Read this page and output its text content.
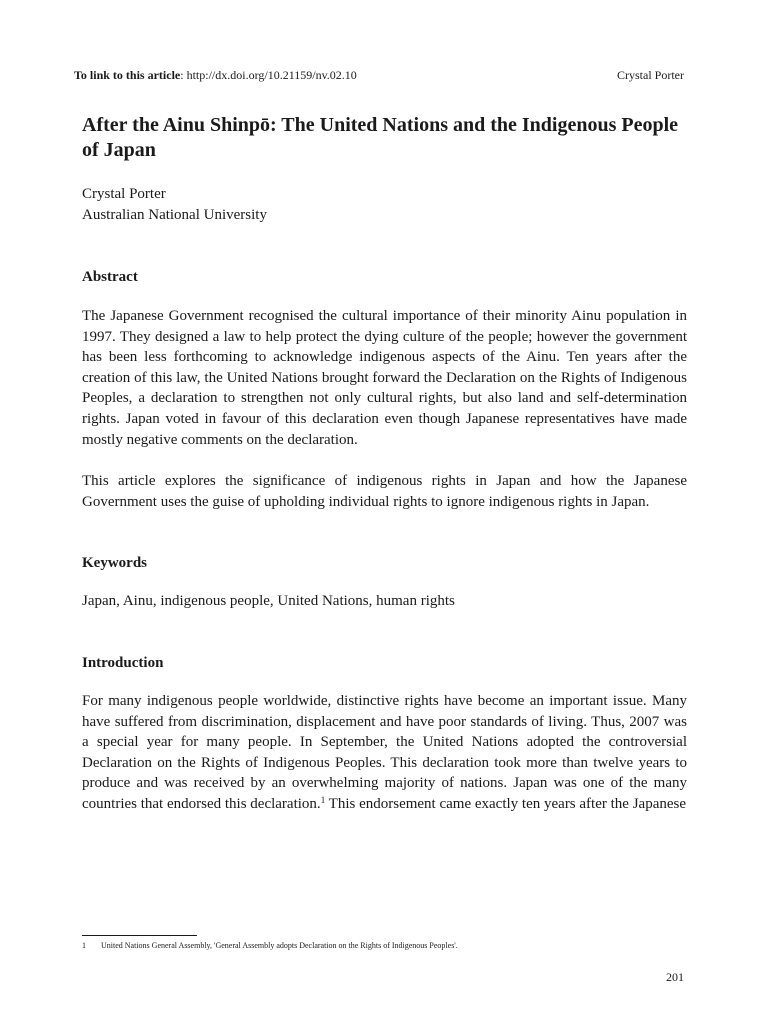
To link to this article: http://dx.doi.org/10.21159/nv.02.10	Crystal Porter
After the Ainu Shinpō: The United Nations and the Indigenous People of Japan
Crystal Porter
Australian National University
Abstract

The Japanese Government recognised the cultural importance of their minority Ainu population in 1997. They designed a law to help protect the dying culture of the people; however the government has been less forthcoming to acknowledge indigenous aspects of the Ainu. Ten years after the creation of this law, the United Nations brought forward the Declaration on the Rights of Indigenous Peoples, a declaration to strengthen not only cultural rights, but also land and self-determination rights. Japan voted in favour of this declaration even though Japanese representatives have made mostly negative comments on the declaration.

This article explores the significance of indigenous rights in Japan and how the Japanese Government uses the guise of upholding individual rights to ignore indigenous rights in Japan.

Keywords

Japan, Ainu, indigenous people, United Nations, human rights

Introduction

For many indigenous people worldwide, distinctive rights have become an important issue. Many have suffered from discrimination, displacement and have poor standards of living. Thus, 2007 was a special year for many people. In September, the United Nations adopted the controversial Declaration on the Rights of Indigenous Peoples. This declaration took more than twelve years to produce and was received by an overwhelming majority of nations. Japan was one of the many countries that endorsed this declaration.$^1$ This endorsement came exactly ten years after the Japanese

1 United Nations General Assembly, 'General Assembly adopts Declaration on the Rights of Indigenous Peoples'.
201
